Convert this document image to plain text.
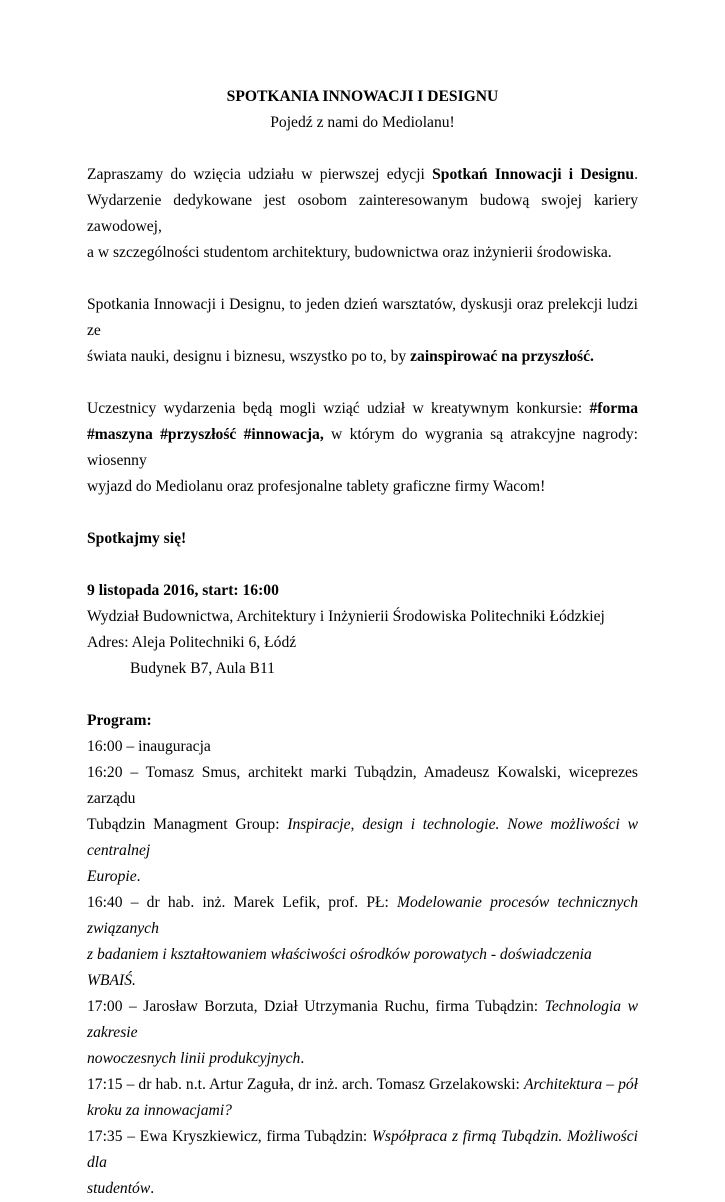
SPOTKANIA INNOWACJI I DESIGNU

Pojedź z nami do Mediolanu!

Zapraszamy do wzięcia udziału w pierwszej edycji Spotkań Innowacji i Designu.

Wydarzenie dedykowane jest osobom zainteresowanym budową swojej kariery zawodowej,

a w szczególności studentom architektury, budownictwa oraz inżynierii środowiska.

Spotkania Innowacji i Designu, to jeden dzień warsztatów, dyskusji oraz prelekcji ludzi ze

świata nauki, designu i biznesu, wszystko po to, by zainspirować na przyszłość.

Uczestnicy wydarzenia będą mogli wziąć udział w kreatywnym konkursie: #forma

#maszyna #przyszłość #innowacja, w którym do wygrania są atrakcyjne nagrody: wiosenny

wyjazd do Mediolanu oraz profesjonalne tablety graficzne firmy Wacom!

Spotkajmy się!

9 listopada 2016, start: 16:00

Wydział Budownictwa, Architektury i Inżynierii Środowiska Politechniki Łódzkiej

Adres: Aleja Politechniki 6, Łódź

Budynek B7, Aula B11

Program:

16:00 – inauguracja

16:20 – Tomasz Smus, architekt marki Tubądzin, Amadeusz Kowalski, wiceprezes zarządu

Tubądzin Managment Group: Inspiracje, design i technologie. Nowe możliwości w centralnej

Europie.

16:40 – dr hab. inż. Marek Lefik, prof. PŁ: Modelowanie procesów technicznych związanych

z badaniem i kształtowaniem właściwości ośrodków porowatych - doświadczenia WBAIŚ.

17:00 – Jarosław Borzuta, Dział Utrzymania Ruchu, firma Tubądzin: Technologia w zakresie

nowoczesnych linii produkcyjnych.

17:15 – dr hab. n.t. Artur Zaguła, dr inż. arch. Tomasz Grzelakowski: Architektura – pół

kroku za innowacjami?

17:35 – Ewa Kryszkiewicz, firma Tubądzin: Współpraca z firmą Tubądzin. Możliwości dla

studentów.
